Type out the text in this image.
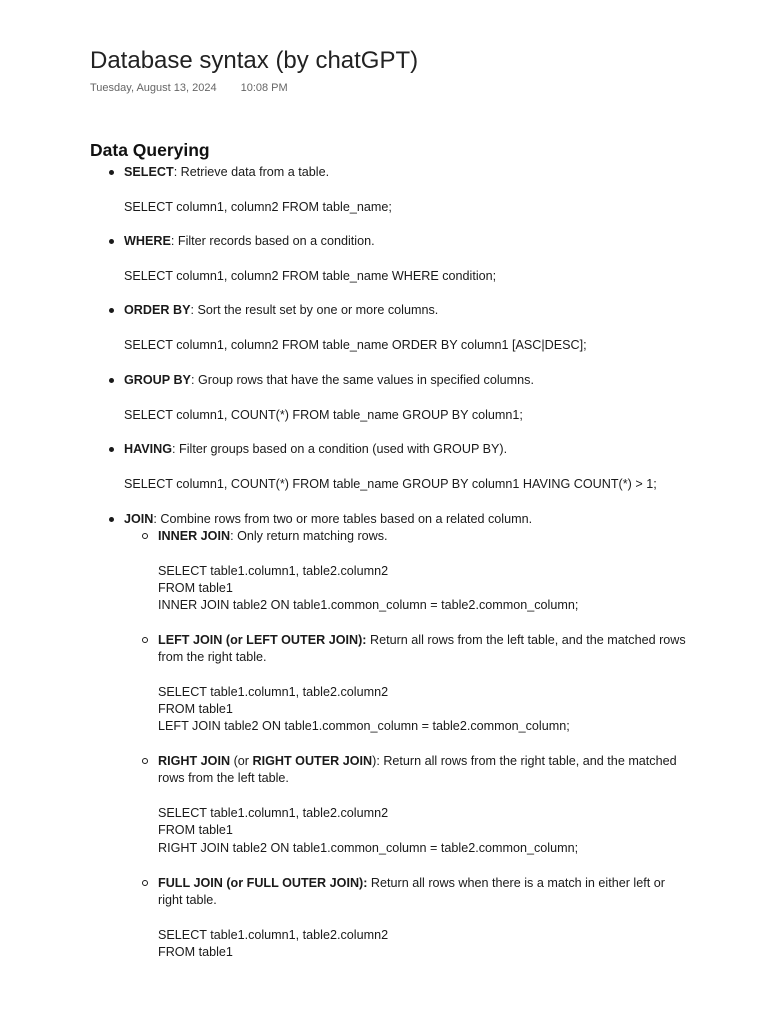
Database syntax (by chatGPT)
Tuesday, August 13, 2024 10:08 PM
Data Querying
SELECT: Retrieve data from a table.
SELECT column1, column2 FROM table_name;
WHERE: Filter records based on a condition.
SELECT column1, column2 FROM table_name WHERE condition;
ORDER BY: Sort the result set by one or more columns.
SELECT column1, column2 FROM table_name ORDER BY column1 [ASC|DESC];
GROUP BY: Group rows that have the same values in specified columns.
SELECT column1, COUNT(*) FROM table_name GROUP BY column1;
HAVING: Filter groups based on a condition (used with GROUP BY).
SELECT column1, COUNT(*) FROM table_name GROUP BY column1 HAVING COUNT(*) > 1;
JOIN: Combine rows from two or more tables based on a related column.
INNER JOIN: Only return matching rows.
SELECT table1.column1, table2.column2
FROM table1
INNER JOIN table2 ON table1.common_column = table2.common_column;
LEFT JOIN (or LEFT OUTER JOIN): Return all rows from the left table, and the matched rows
from the right table.
SELECT table1.column1, table2.column2
FROM table1
LEFT JOIN table2 ON table1.common_column = table2.common_column;
RIGHT JOIN (or RIGHT OUTER JOIN): Return all rows from the right table, and the matched
rows from the left table.
SELECT table1.column1, table2.column2
FROM table1
RIGHT JOIN table2 ON table1.common_column = table2.common_column;
FULL JOIN (or FULL OUTER JOIN): Return all rows when there is a match in either left or
right table.
SELECT table1.column1, table2.column2
FROM table1
